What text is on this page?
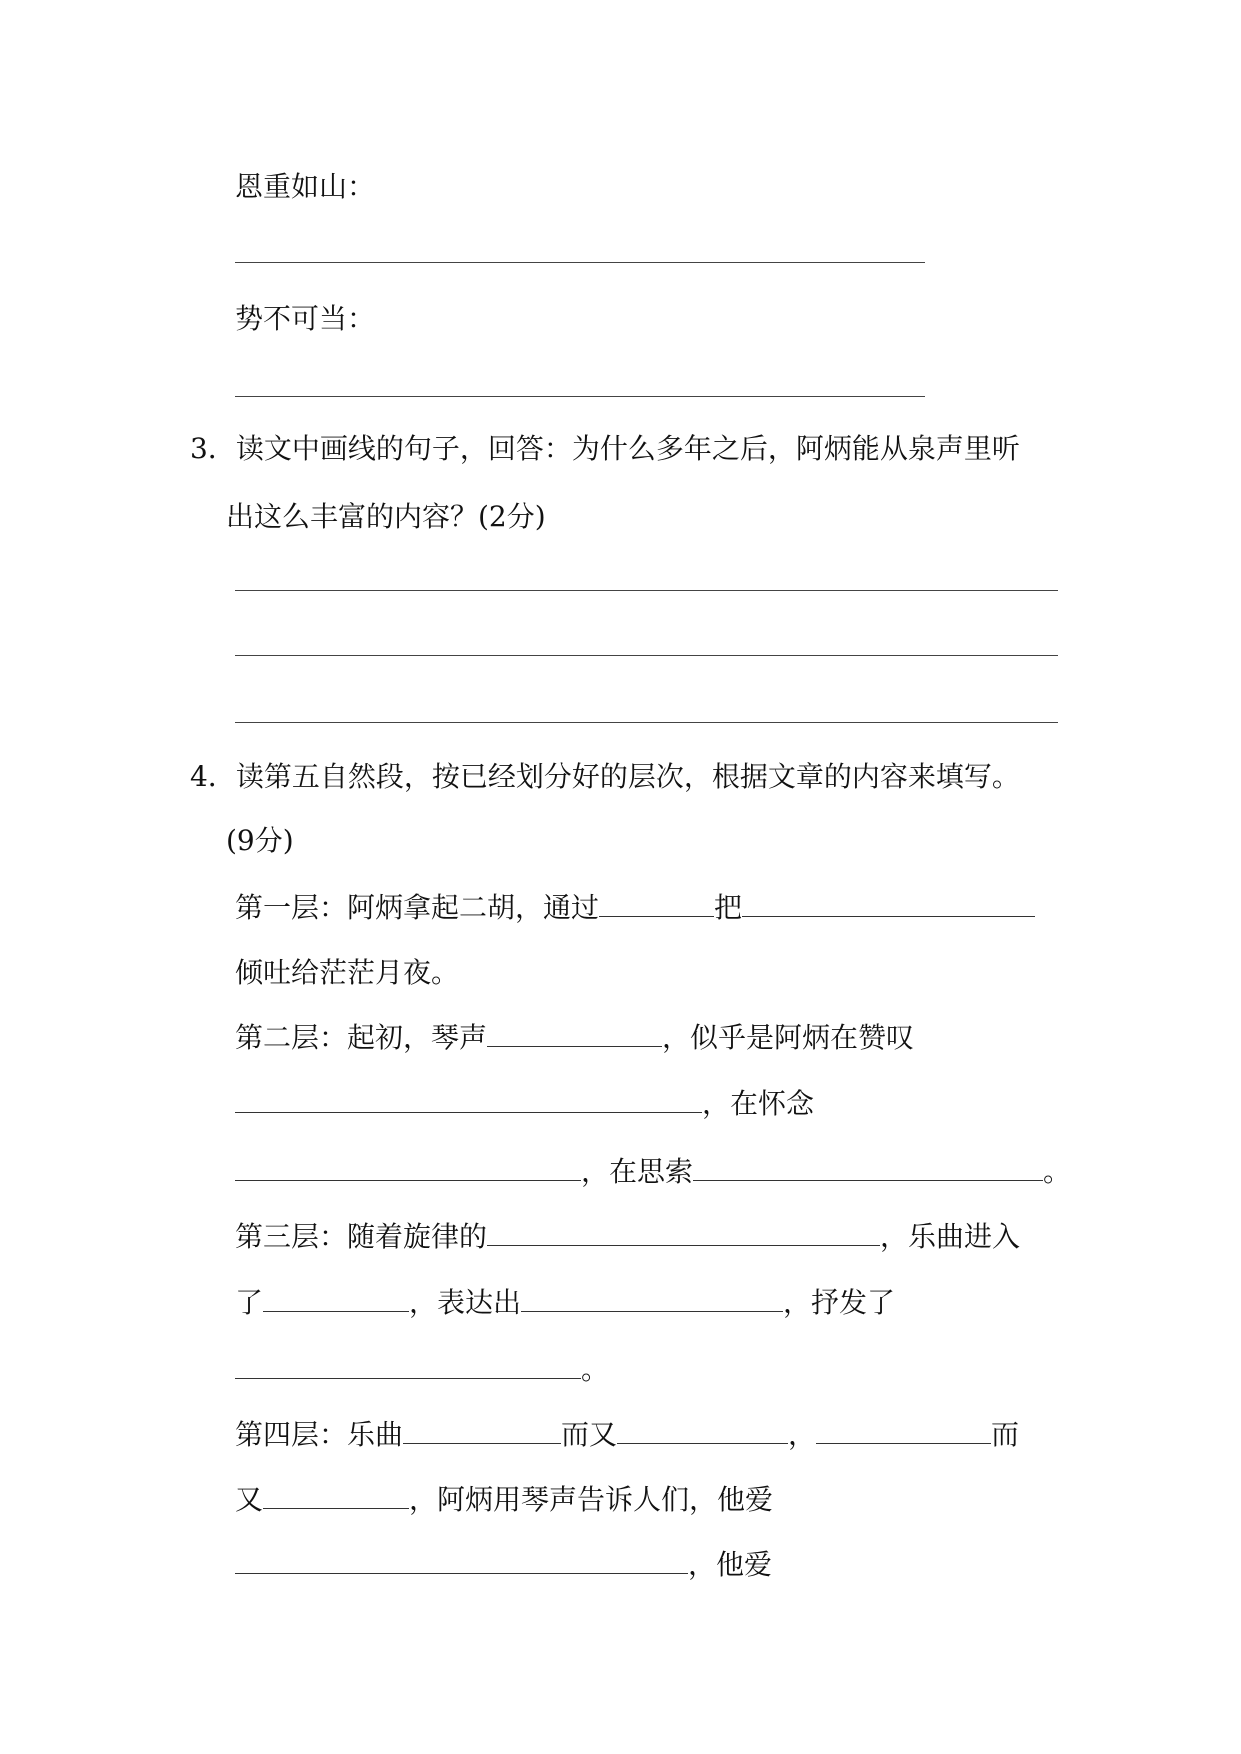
恩重如山：
势不可当：
3．读文中画线的句子，回答：为什么多年之后，阿炳能从泉声里听
出这么丰富的内容？(2分)
4．读第五自然段，按已经划分好的层次，根据文章的内容来填写。
(9分)
第一层：阿炳拿起二胡，通过	把
倾吐给茫茫月夜。
第二层：起初，琴声	，似乎是阿炳在赞叹
，在怀念
，在思索	。
第三层：随着旋律的	，乐曲进入
了	，表达出	，抒发了
。
第四层：乐曲	而又	，	而
又	，阿炳用琴声告诉人们，他爱
，他爱
